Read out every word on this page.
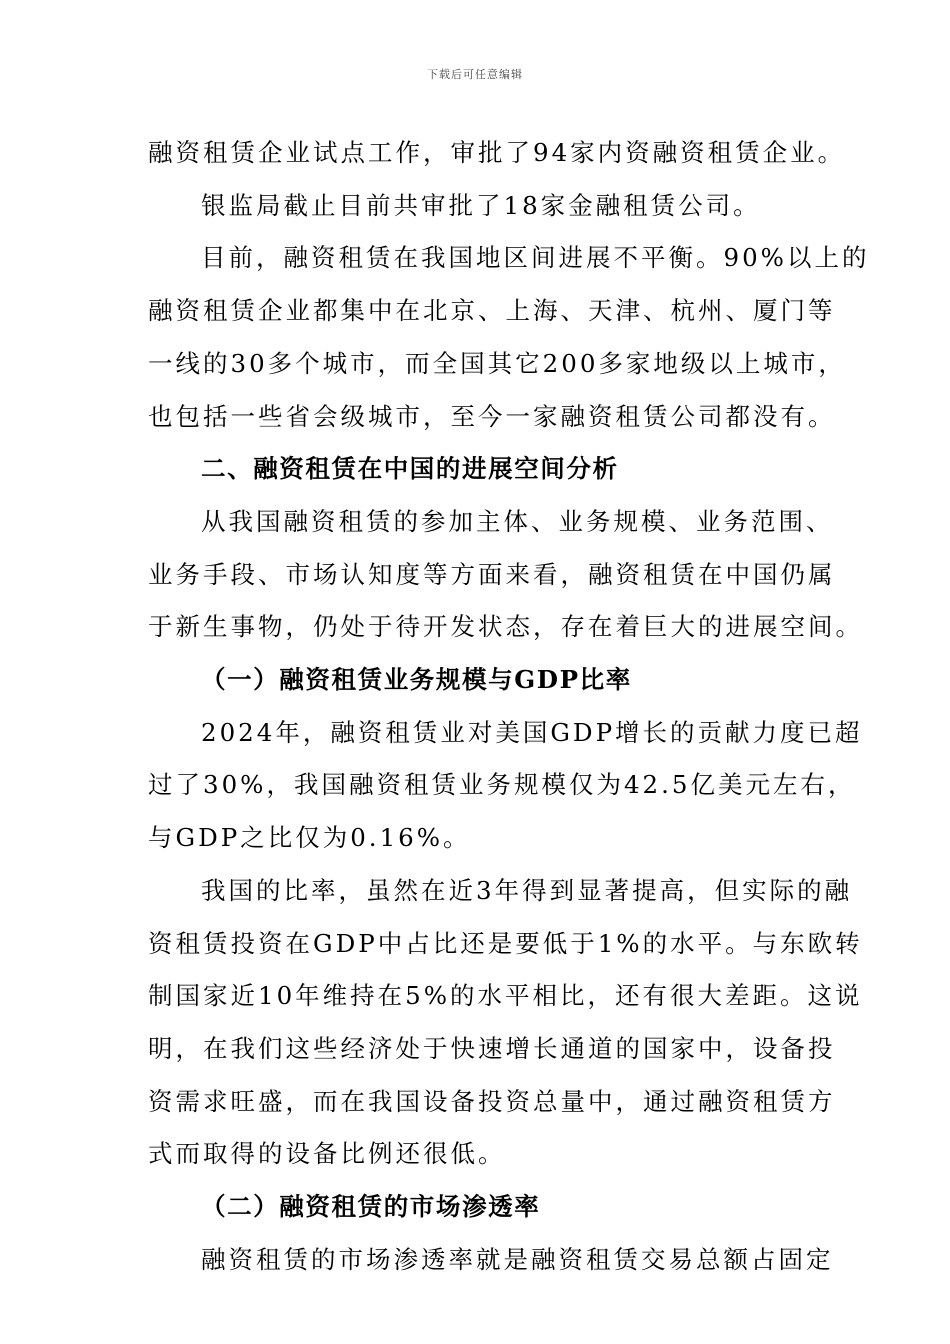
下载后可任意编辑

融资租赁企业试点工作，审批了94家内资融资租赁企业。

银监局截止目前共审批了18家金融租赁公司。

目前，融资租赁在我国地区间进展不平衡。90%以上的

融资租赁企业都集中在北京、上海、天津、杭州、厦门等

一线的30多个城市，而全国其它200多家地级以上城市，

也包括一些省会级城市，至今一家融资租赁公司都没有。

二、融资租赁在中国的进展空间分析

从我国融资租赁的参加主体、业务规模、业务范围、

业务手段、市场认知度等方面来看，融资租赁在中国仍属

于新生事物，仍处于待开发状态，存在着巨大的进展空间。

（一）融资租赁业务规模与GDP比率

2024年，融资租赁业对美国GDP增长的贡献力度已超

过了30%，我国融资租赁业务规模仅为42.5亿美元左右，

与GDP之比仅为0.16%。

我国的比率，虽然在近3年得到显著提高，但实际的融

资租赁投资在GDP中占比还是要低于1%的水平。与东欧转

制国家近10年维持在5%的水平相比，还有很大差距。这说

明，在我们这些经济处于快速增长通道的国家中，设备投

资需求旺盛，而在我国设备投资总量中，通过融资租赁方

式而取得的设备比例还很低。

（二）融资租赁的市场渗透率

融资租赁的市场渗透率就是融资租赁交易总额占固定
